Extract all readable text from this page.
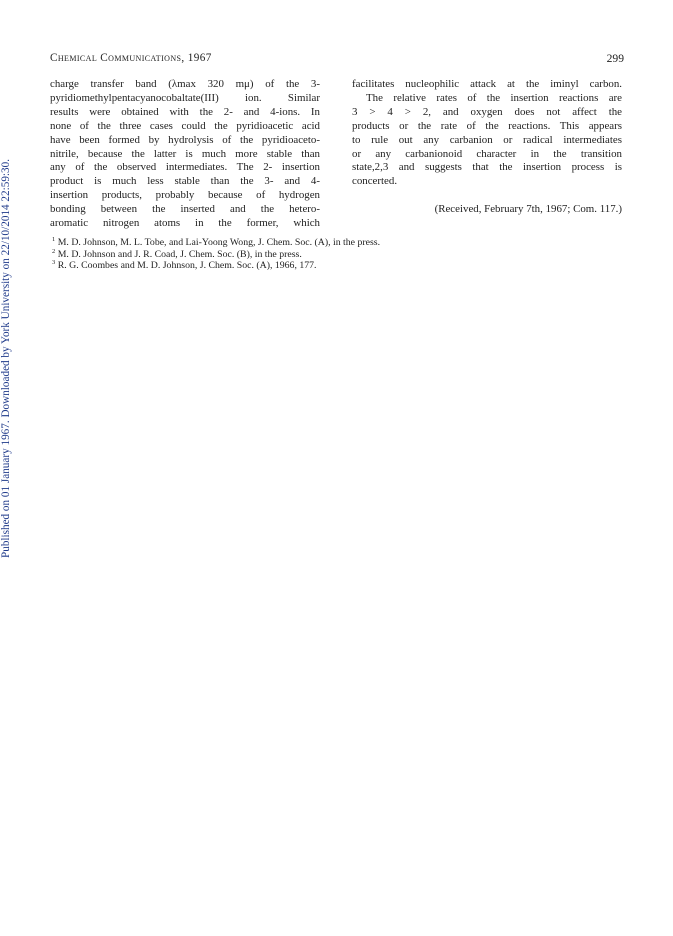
Published on 01 January 1967. Downloaded by York University on 22/10/2014 22:59:30.
Chemical Communications, 1967	299
charge transfer band (λmax 320 mμ) of the 3-
pyridiomethylpentacyanocobaltate(III) ion. Similar
results were obtained with the 2- and 4-ions. In
none of the three cases could the pyridioacetic acid
have been formed by hydrolysis of the pyridioaceto-
nitrile, because the latter is much more stable than
any of the observed intermediates. The 2- insertion
product is much less stable than the 3- and 4-
insertion products, probably because of hydrogen
bonding between the inserted and the hetero-
aromatic nitrogen atoms in the former, which
facilitates nucleophilic attack at the iminyl carbon.
The relative rates of the insertion reactions are
3 > 4 > 2, and oxygen does not affect the
products or the rate of the reactions. This appears
to rule out any carbanion or radical intermediates
or any carbanionoid character in the transition
state,2,3 and suggests that the insertion process is
concerted.
(Received, February 7th, 1967; Com. 117.)
$^1$ M. D. Johnson, M. L. Tobe, and Lai-Yoong Wong, J. Chem. Soc. (A), in the press.
$^2$ M. D. Johnson and J. R. Coad, J. Chem. Soc. (B), in the press.
$^3$ R. G. Coombes and M. D. Johnson, J. Chem. Soc. (A), 1966, 177.
